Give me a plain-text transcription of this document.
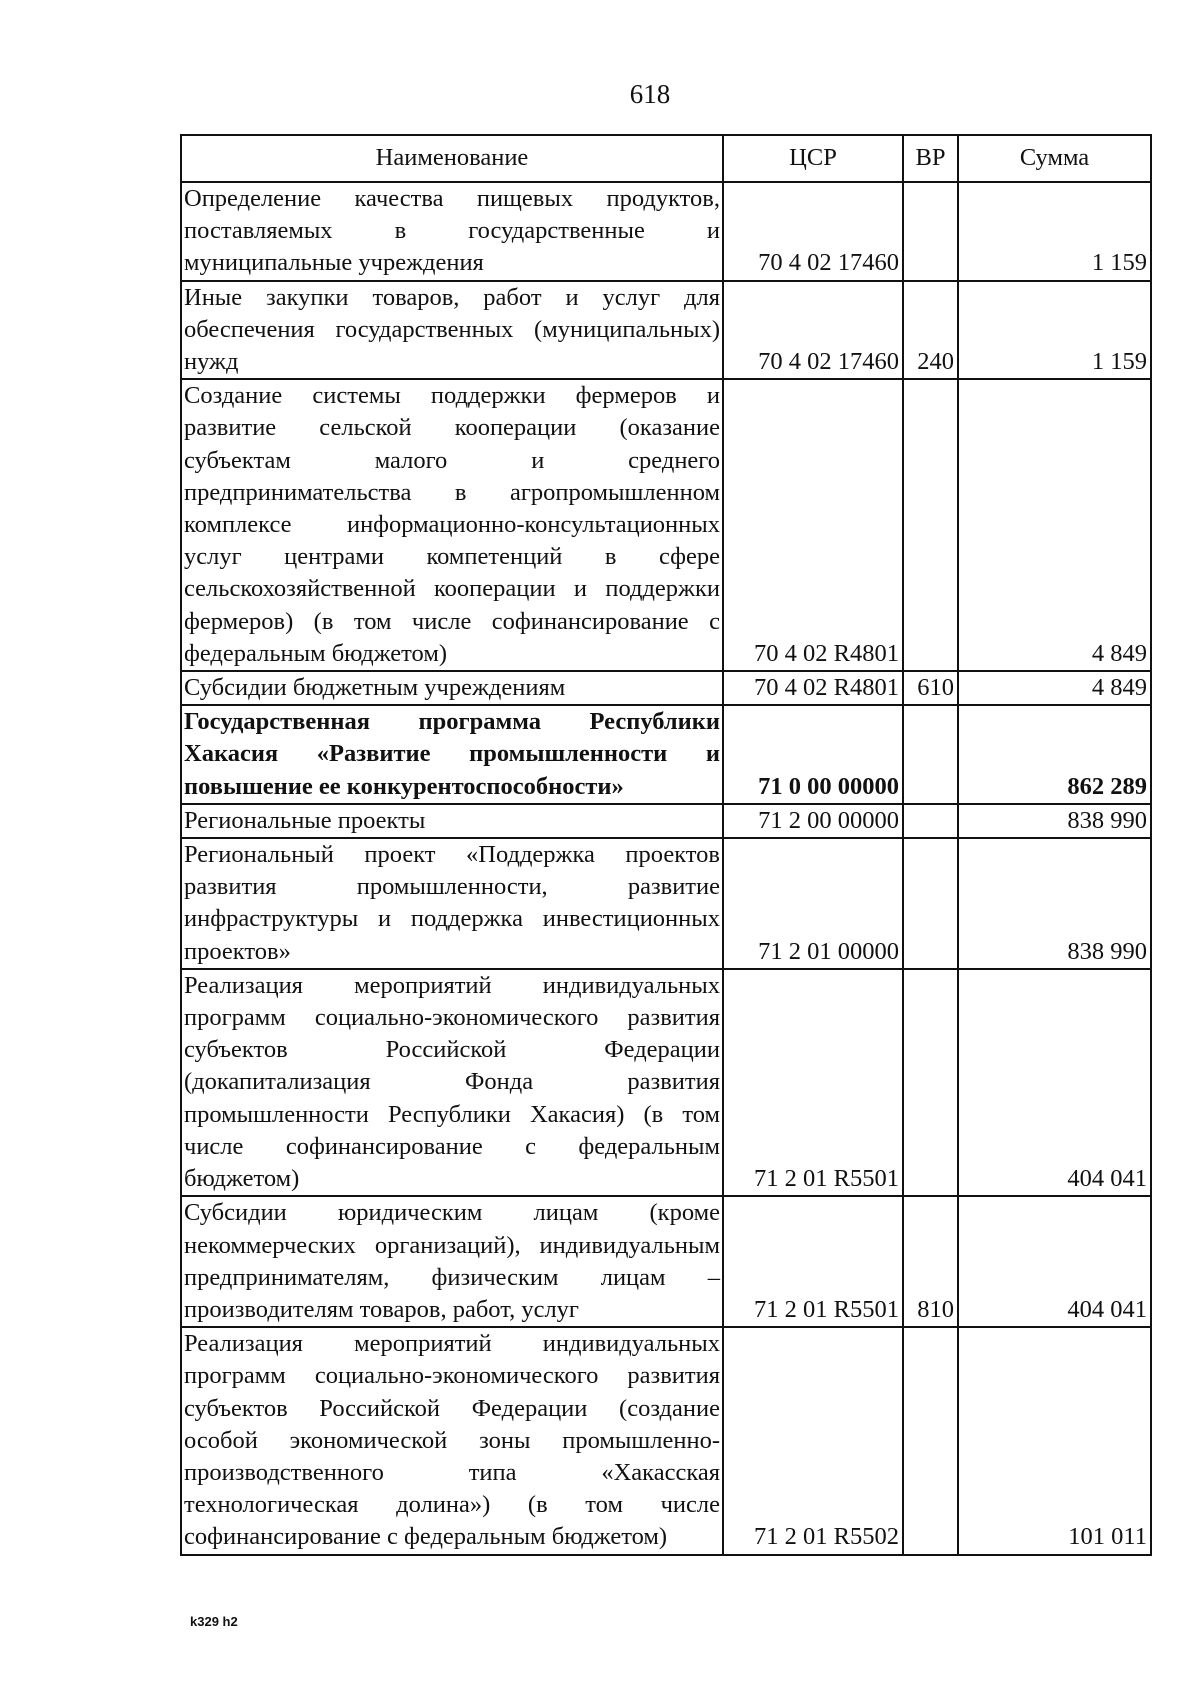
618
Наименование	ЦСР	ВР	Сумма
Определение качества пищевых продуктов, поставляемых в государственные и муниципальные учреждения	70 4 02 17460		1 159
Иные закупки товаров, работ и услуг для обеспечения государственных (муниципальных) нужд	70 4 02 17460	240	1 159
Создание системы поддержки фермеров и развитие сельской кооперации (оказание субъектам малого и среднего предпринимательства в агропромышленном комплексе информационно-консультационных услуг центрами компетенций в сфере сельскохозяйственной кооперации и поддержки фермеров) (в том числе софинансирование с федеральным бюджетом)	70 4 02 R4801		4 849
Субсидии бюджетным учреждениям	70 4 02 R4801	610	4 849
Государственная программа Республики Хакасия «Развитие промышленности и повышение ее конкурентоспособности»	71 0 00 00000		862 289
Региональные проекты	71 2 00 00000		838 990
Региональный проект «Поддержка проектов развития промышленности, развитие инфраструктуры и поддержка инвестиционных проектов»	71 2 01 00000		838 990
Реализация мероприятий индивидуальных программ социально-экономического развития субъектов Российской Федерации (докапитализация Фонда развития промышленности Республики Хакасия) (в том числе софинансирование с федеральным бюджетом)	71 2 01 R5501		404 041
Субсидии юридическим лицам (кроме некоммерческих организаций), индивидуальным предпринимателям, физическим лицам – производителям товаров, работ, услуг	71 2 01 R5501	810	404 041
Реализация мероприятий индивидуальных программ социально-экономического развития субъектов Российской Федерации (создание особой экономической зоны промышленно-производственного типа «Хакасская технологическая долина») (в том числе софинансирование с федеральным бюджетом)	71 2 01 R5502		101 011
k329 h2
